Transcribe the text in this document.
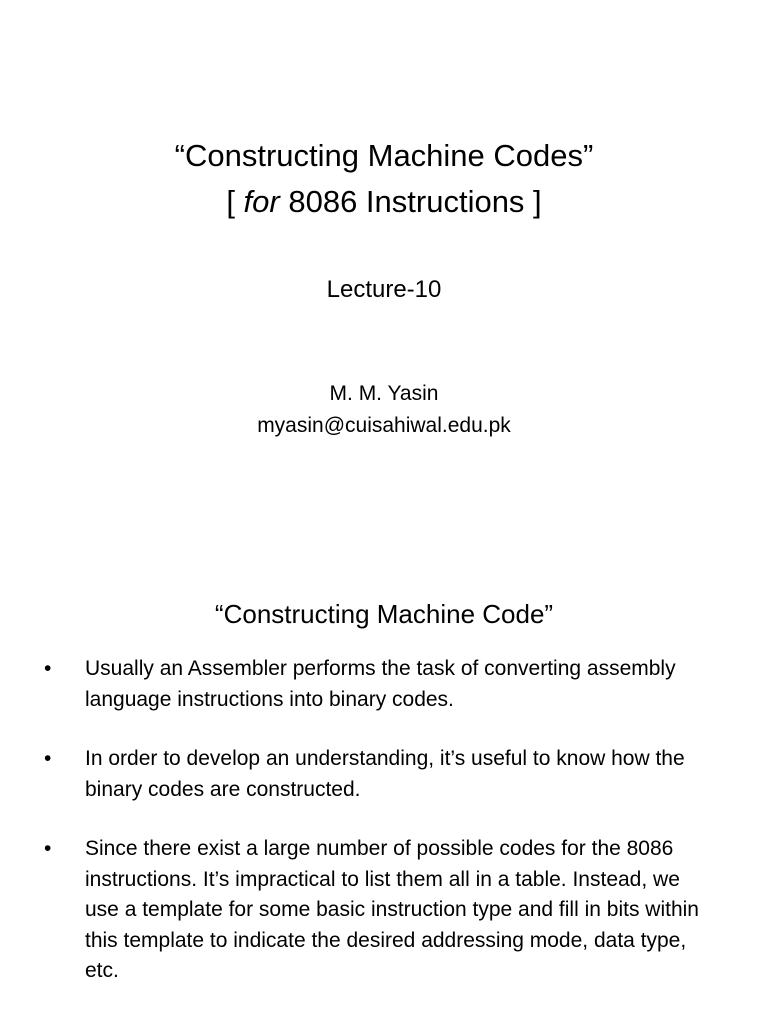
“Constructing Machine Codes”
[ for 8086 Instructions ]
Lecture-10
M. M. Yasin
myasin@cuisahiwal.edu.pk
“Constructing Machine Code”
• Usually an Assembler performs the task of converting assembly language instructions into binary codes.
• In order to develop an understanding, it’s useful to know how the binary codes are constructed.
• Since there exist a large number of possible codes for the 8086 instructions. It’s impractical to list them all in a table. Instead, we use a template for some basic instruction type and fill in bits within this template to indicate the desired addressing mode, data type, etc.
